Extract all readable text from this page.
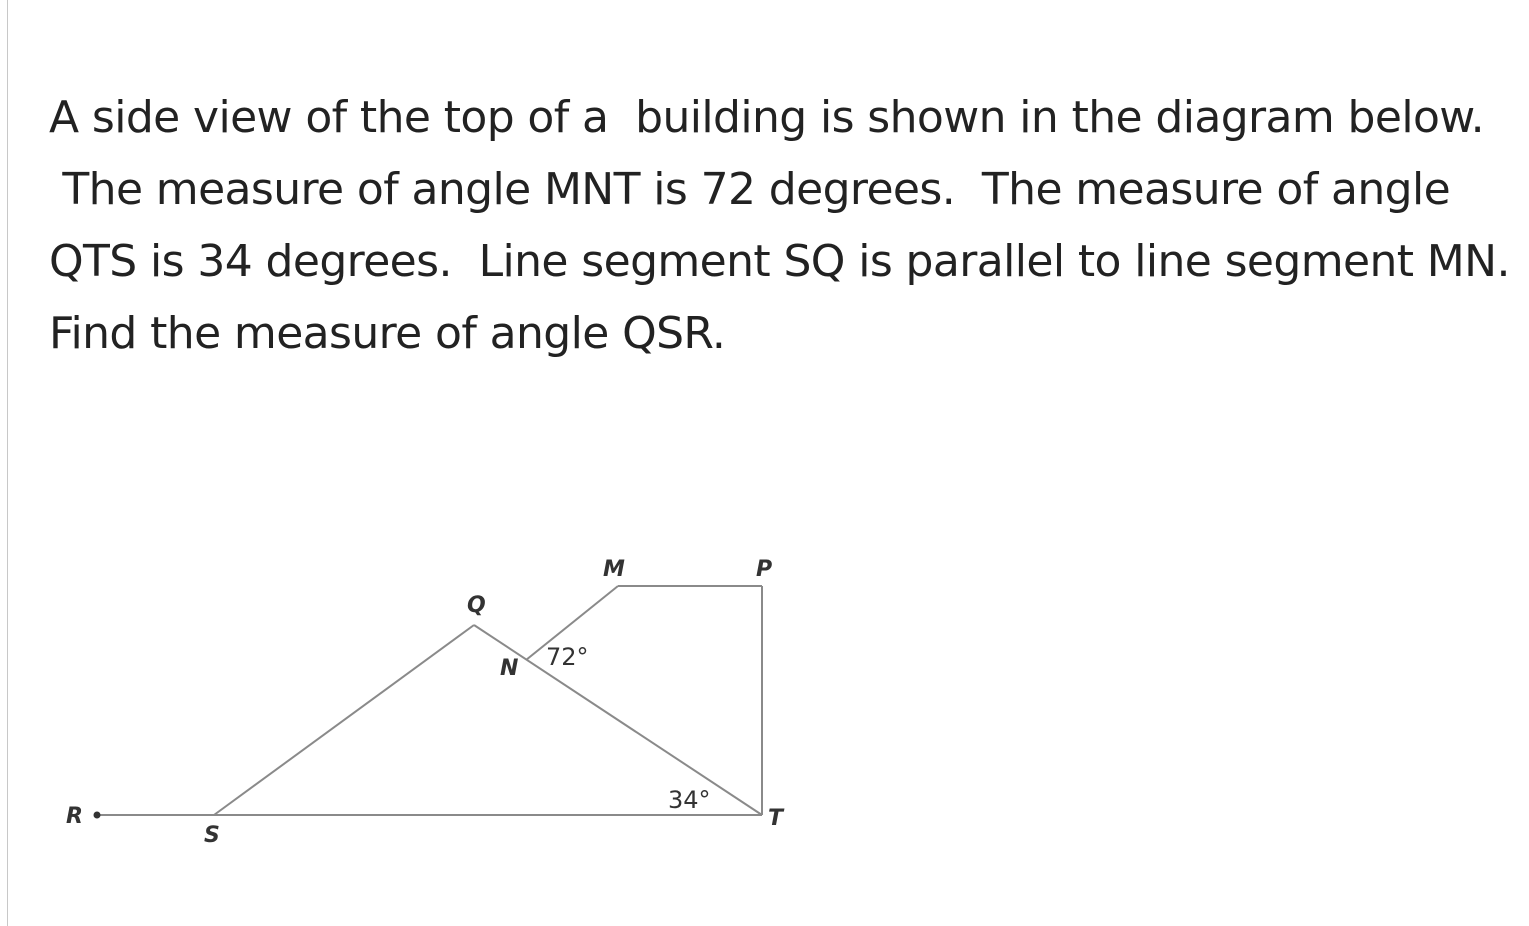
A side view of the top of a  building is shown in the diagram below.
The measure of angle MNT is 72 degrees.  The measure of angle
QTS is 34 degrees.  Line segment SQ is parallel to line segment MN.
Find the measure of angle QSR.
R
S
Q
N
M	P
T
72°
34°
